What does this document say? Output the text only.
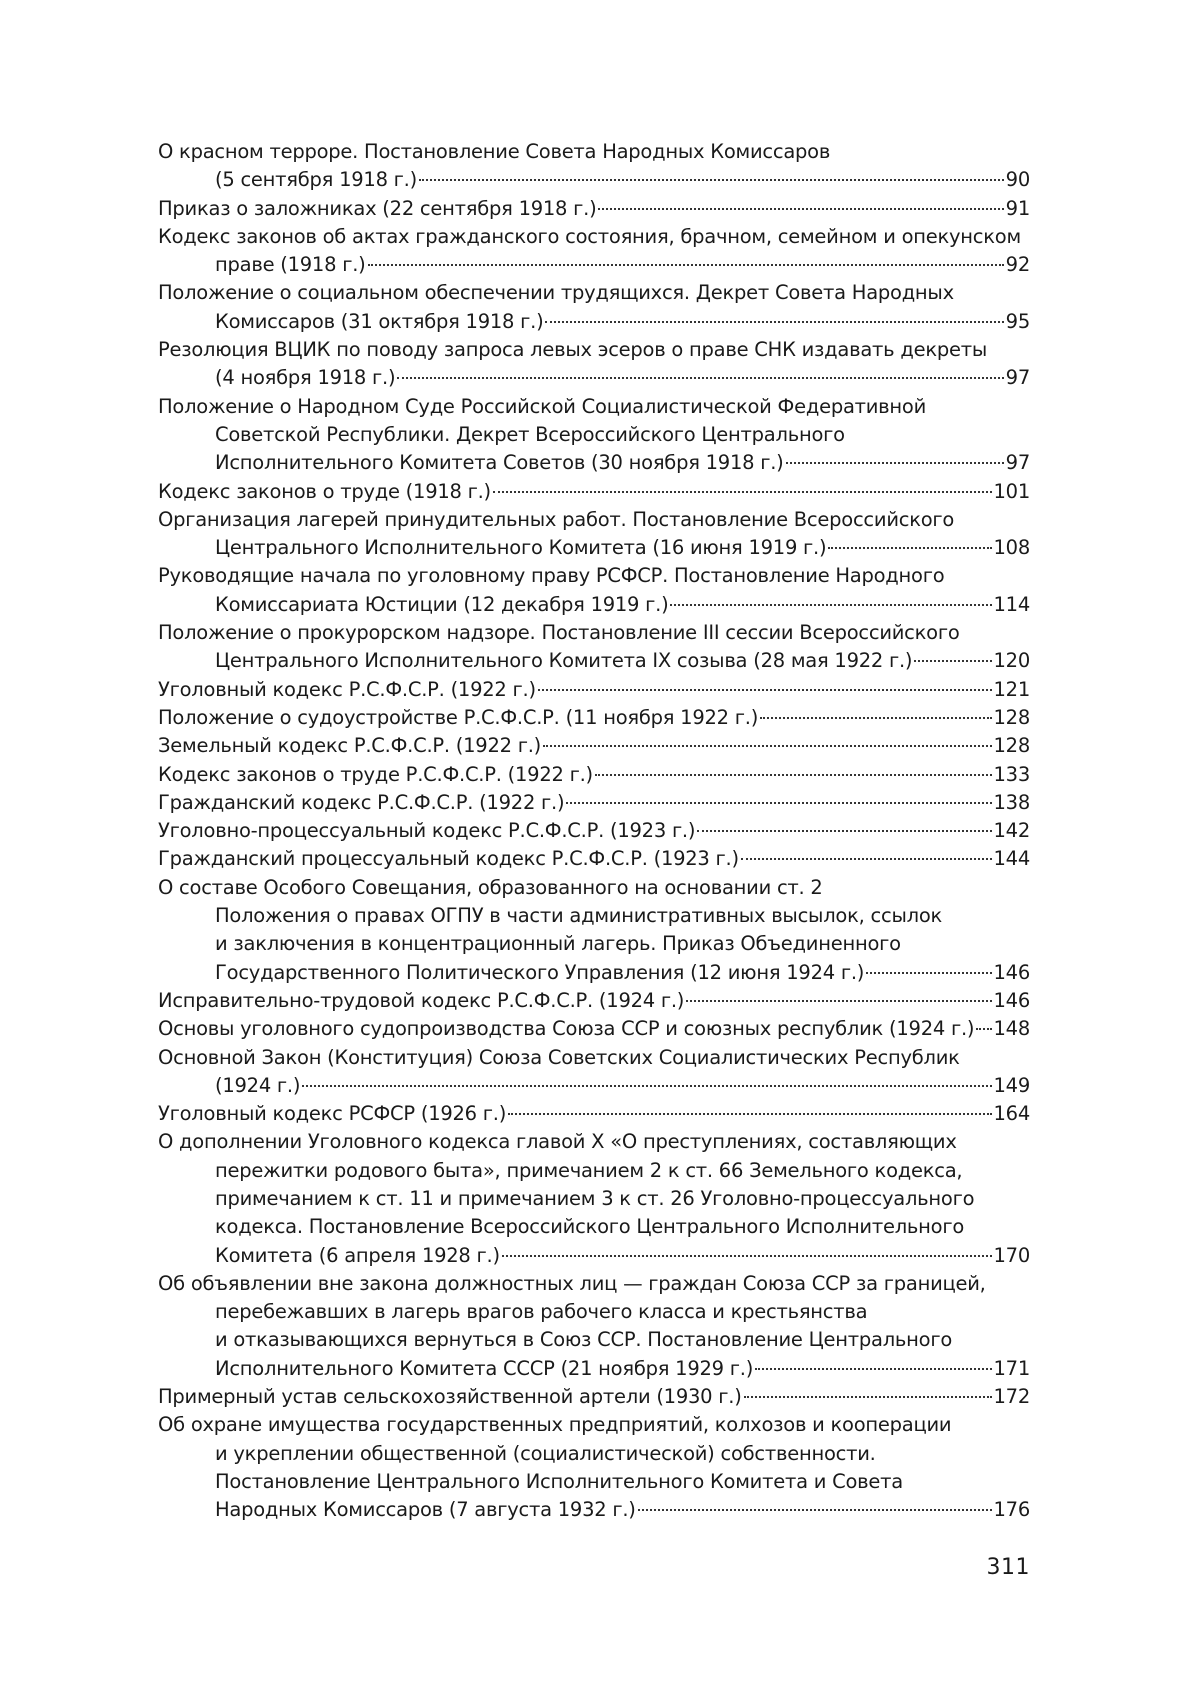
О красном терроре. Постановление Совета Народных Комиссаров
(5 сентября 1918 г.)	90
Приказ о заложниках (22 сентября 1918 г.)	91
Кодекс законов об актах гражданского состояния, брачном, семейном и опекунском
праве (1918 г.)	92
Положение о социальном обеспечении трудящихся. Декрет Совета Народных
Комиссаров (31 октября 1918 г.)	95
Резолюция ВЦИК по поводу запроса левых эсеров о праве СНК издавать декреты
(4 ноября 1918 г.)	97
Положение о Народном Суде Российской Социалистической Федеративной
Советской Республики. Декрет Всероссийского Центрального
Исполнительного Комитета Советов (30 ноября 1918 г.)	97
Кодекс законов о труде (1918 г.)	101
Организация лагерей принудительных работ. Постановление Всероссийского
Центрального Исполнительного Комитета (16 июня 1919 г.)	108
Руководящие начала по уголовному праву РСФСР. Постановление Народного
Комиссариата Юстиции (12 декабря 1919 г.)	114
Положение о прокурорском надзоре. Постановление III сессии Всероссийского
Центрального Исполнительного Комитета IX созыва (28 мая 1922 г.)	120
Уголовный кодекс Р.С.Ф.С.Р. (1922 г.)	121
Положение о судоустройстве Р.С.Ф.С.Р. (11 ноября 1922 г.)	128
Земельный кодекс Р.С.Ф.С.Р. (1922 г.)	128
Кодекс законов о труде Р.С.Ф.С.Р. (1922 г.)	133
Гражданский кодекс Р.С.Ф.С.Р. (1922 г.)	138
Уголовно-процессуальный кодекс Р.С.Ф.С.Р. (1923 г.)	142
Гражданский процессуальный кодекс Р.С.Ф.С.Р. (1923 г.)	144
О составе Особого Совещания, образованного на основании ст. 2
Положения о правах ОГПУ в части административных высылок, ссылок
и заключения в концентрационный лагерь. Приказ Объединенного
Государственного Политического Управления (12 июня 1924 г.)	146
Исправительно-трудовой кодекс Р.С.Ф.С.Р. (1924 г.)	146
Основы уголовного судопроизводства Союза ССР и союзных республик (1924 г.) 148
Основной Закон (Конституция) Союза Советских Социалистических Республик
(1924 г.)	149
Уголовный кодекс РСФСР (1926 г.)	164
О дополнении Уголовного кодекса главой X «О преступлениях, составляющих
пережитки родового быта», примечанием 2 к ст. 66 Земельного кодекса,
примечанием к ст. 11 и примечанием 3 к ст. 26 Уголовно-процессуального
кодекса. Постановление Всероссийского Центрального Исполнительного
Комитета (6 апреля 1928 г.)	170
Об объявлении вне закона должностных лиц — граждан Союза ССР за границей,
перебежавших в лагерь врагов рабочего класса и крестьянства
и отказывающихся вернуться в Союз ССР. Постановление Центрального
Исполнительного Комитета СССР (21 ноября 1929 г.)	171
Примерный устав сельскохозяйственной артели (1930 г.)	172
Об охране имущества государственных предприятий, колхозов и кооперации
и укреплении общественной (социалистической) собственности.
Постановление Центрального Исполнительного Комитета и Совета
Народных Комиссаров (7 августа 1932 г.)	176
311
